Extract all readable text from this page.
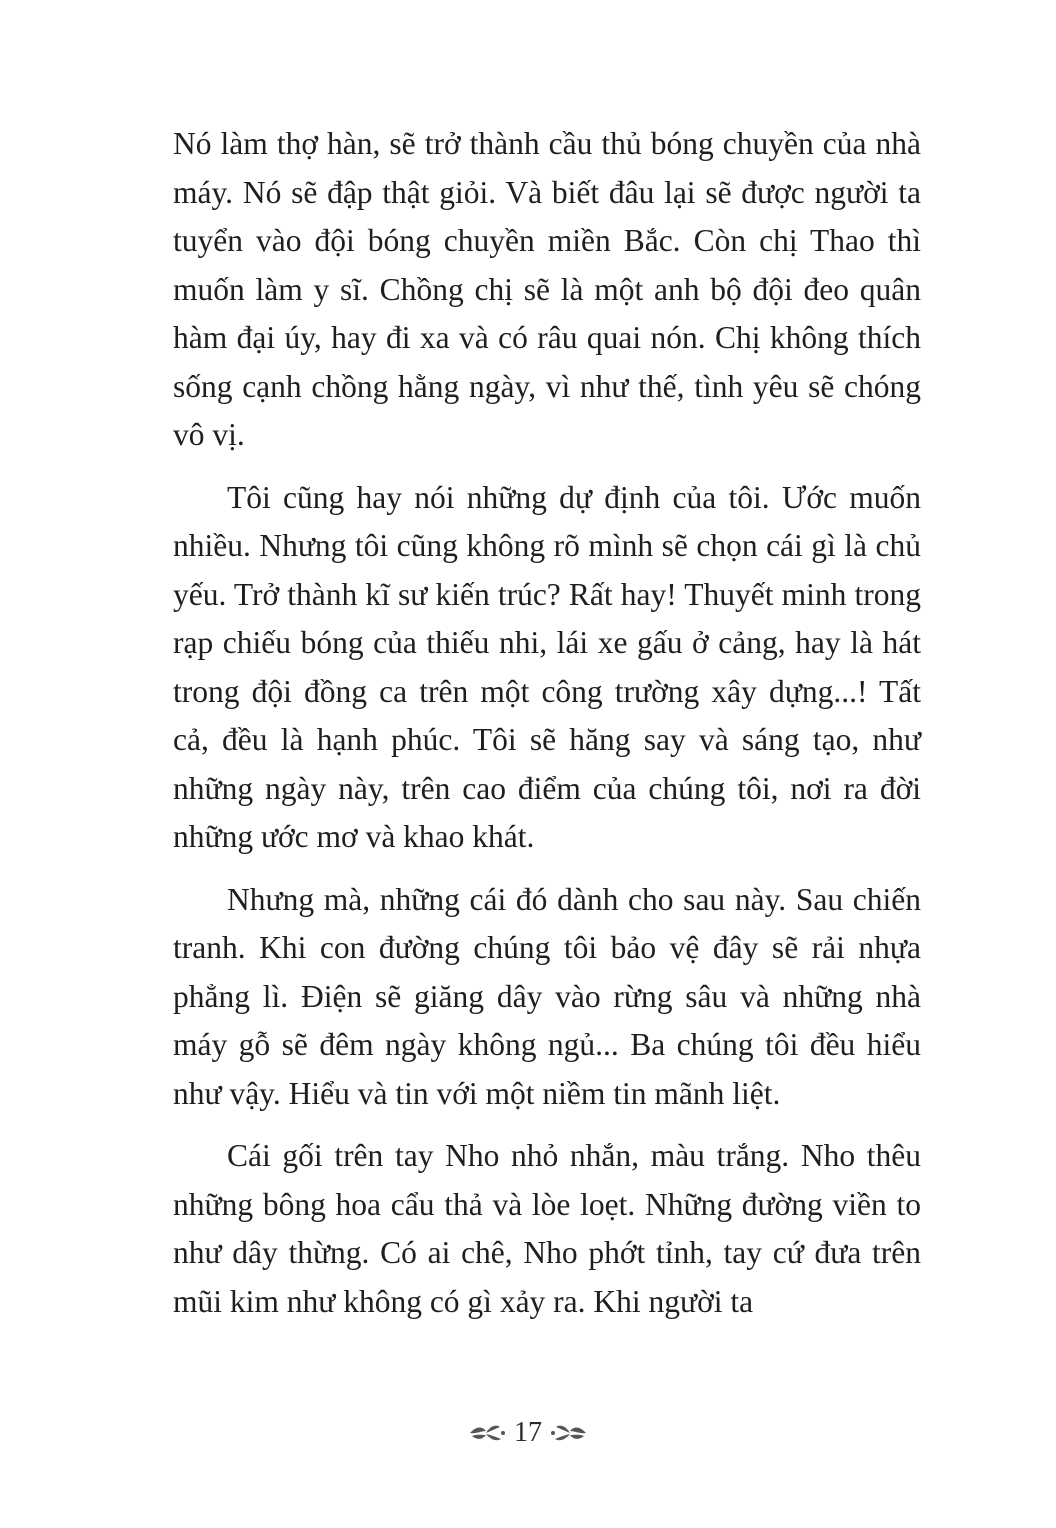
Nó làm thợ hàn, sẽ trở thành cầu thủ bóng chuyền của nhà máy. Nó sẽ đập thật giỏi. Và biết đâu lại sẽ được người ta tuyển vào đội bóng chuyền miền Bắc. Còn chị Thao thì muốn làm y sĩ. Chồng chị sẽ là một anh bộ đội đeo quân hàm đại úy, hay đi xa và có râu quai nón. Chị không thích sống cạnh chồng hằng ngày, vì như thế, tình yêu sẽ chóng vô vị.

Tôi cũng hay nói những dự định của tôi. Ước muốn nhiều. Nhưng tôi cũng không rõ mình sẽ chọn cái gì là chủ yếu. Trở thành kĩ sư kiến trúc? Rất hay! Thuyết minh trong rạp chiếu bóng của thiếu nhi, lái xe gấu ở cảng, hay là hát trong đội đồng ca trên một công trường xây dựng...! Tất cả, đều là hạnh phúc. Tôi sẽ hăng say và sáng tạo, như những ngày này, trên cao điểm của chúng tôi, nơi ra đời những ước mơ và khao khát.

Nhưng mà, những cái đó dành cho sau này. Sau chiến tranh. Khi con đường chúng tôi bảo vệ đây sẽ rải nhựa phẳng lì. Điện sẽ giăng dây vào rừng sâu và những nhà máy gỗ sẽ đêm ngày không ngủ... Ba chúng tôi đều hiểu như vậy. Hiểu và tin với một niềm tin mãnh liệt.

Cái gối trên tay Nho nhỏ nhắn, màu trắng. Nho thêu những bông hoa cẩu thả và lòe loẹt. Những đường viền to như dây thừng. Có ai chê, Nho phớt tỉnh, tay cứ đưa trên mũi kim như không có gì xảy ra. Khi người ta

17
